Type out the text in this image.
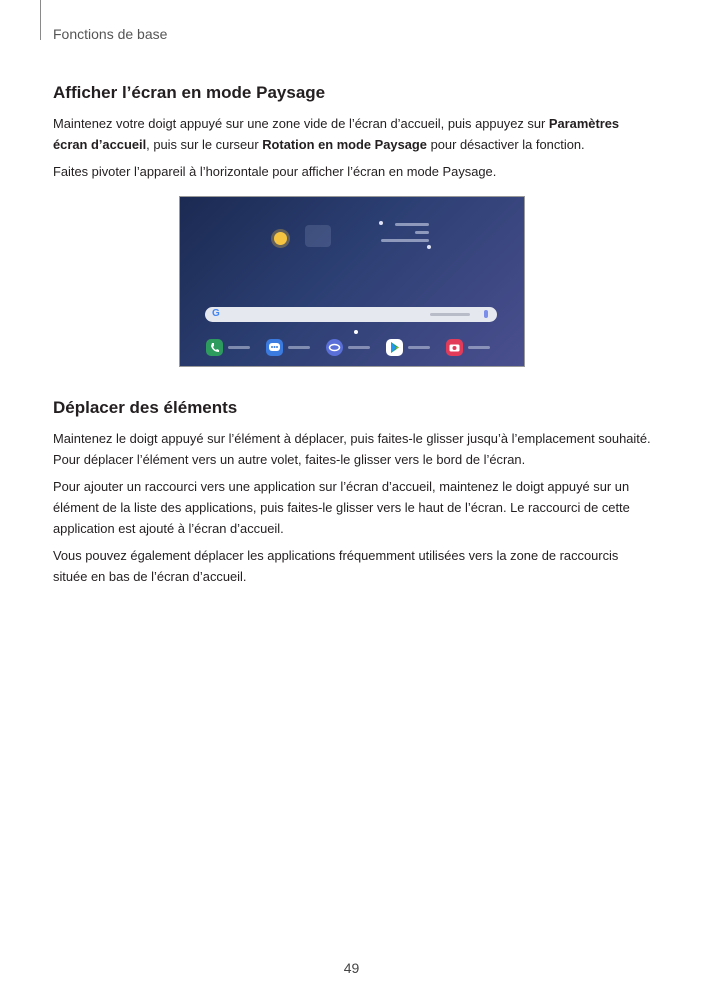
Fonctions de base
Afficher l’écran en mode Paysage

Maintenez votre doigt appuyé sur une zone vide de l’écran d’accueil, puis appuyez sur Paramètres écran d’accueil, puis sur le curseur Rotation en mode Paysage pour désactiver la fonction.

Faites pivoter l’appareil à l’horizontale pour afficher l’écran en mode Paysage.

G
Déplacer des éléments

Maintenez le doigt appuyé sur l’élément à déplacer, puis faites-le glisser jusqu’à l’emplacement souhaité. Pour déplacer l’élément vers un autre volet, faites-le glisser vers le bord de l’écran.

Pour ajouter un raccourci vers une application sur l’écran d’accueil, maintenez le doigt appuyé sur un élément de la liste des applications, puis faites-le glisser vers le haut de l’écran. Le raccourci de cette application est ajouté à l’écran d’accueil.

Vous pouvez également déplacer les applications fréquemment utilisées vers la zone de raccourcis située en bas de l’écran d’accueil.

49
